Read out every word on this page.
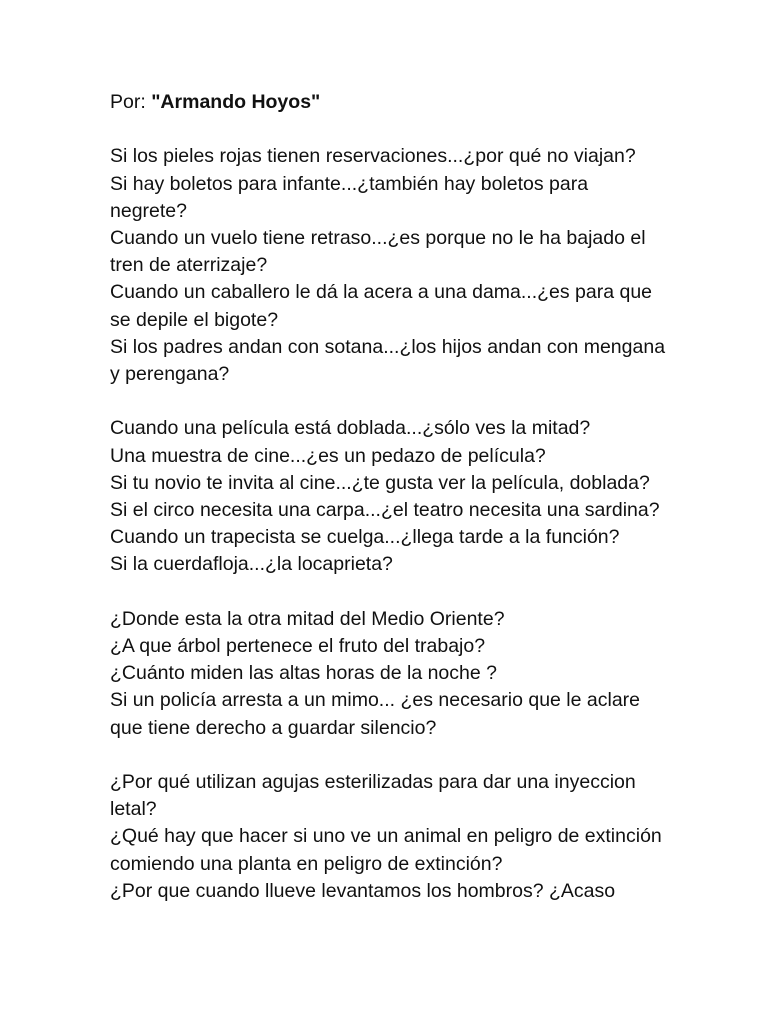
Por: "Armando Hoyos"

Si los pieles rojas tienen reservaciones...¿por qué no viajan?
Si hay boletos para infante...¿también hay boletos para negrete?
Cuando un vuelo tiene retraso...¿es porque no le ha bajado el tren de aterrizaje?
Cuando un caballero le dá la acera a una dama...¿es para que se depile el bigote?
Si los padres andan con sotana...¿los hijos andan con mengana y perengana?

Cuando una película está doblada...¿sólo ves la mitad?
Una muestra de cine...¿es un pedazo de película?
Si tu novio te invita al cine...¿te gusta ver la película, doblada?
Si el circo necesita una carpa...¿el teatro necesita una sardina?
Cuando un trapecista se cuelga...¿llega tarde a la función?
Si la cuerdafloja...¿la locaprieta?

¿Donde esta la otra mitad del Medio Oriente?
¿A que árbol pertenece el fruto del trabajo?
¿Cuánto miden las altas horas de la noche ?
Si un policía arresta a un mimo... ¿es necesario que le aclare que tiene derecho a guardar silencio?

¿Por qué utilizan agujas esterilizadas para dar una inyeccion letal?
¿Qué hay que hacer si uno ve un animal en peligro de extinción comiendo una planta en peligro de extinción?
¿Por que cuando llueve levantamos los hombros? ¿Acaso
